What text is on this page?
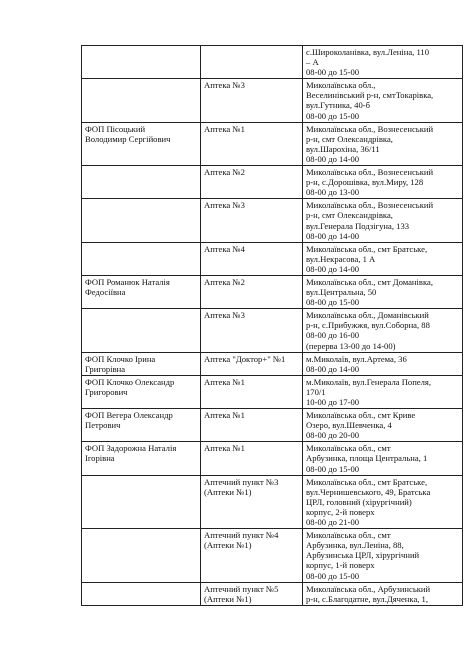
		с.Широколанівка, вул.Леніна, 110
– А
08-00 до 15-00

	Аптека №3	Миколаївська обл.,
Веселинівський р-н, смтТокарівка,
вул.Гутника, 40-б
08-00 до 15-00

ФОП Пісоцький
Володимир Сергійович	Аптека №1	Миколаївська обл., Вознесенський
р-н, смт Олександрівка,
вул.Шарохіна, 36/11
08-00 до 14-00

	Аптека №2	Миколаївська обл., Вознесенський
р-н, с.Дорошівка, вул.Миру, 128
08-00 до 13-00

	Аптека №3	Миколаївська обл., Вознесенський
р-н, смт Олександрівка,
вул.Генерала Подзігуна, 133
08-00 до 14-00

	Аптека №4	Миколаївська обл., смт Братське,
вул.Некрасова, 1 А
08-00 до 14-00

ФОП Романюк Наталія
Федосіївна	Аптека №2	Миколаївська обл., смт Доманівка,
вул.Центральна, 50
08-00 до 15-00

	Аптека №3	Миколаївська обл., Доманівський
р-н, с.Прибужжя, вул.Соборна, 88
08-00 до 16-00
(перерва 13-00 до 14-00)

ФОП Клочко Ірина
Григорівна	Аптека "Доктор+" №1	м.Миколаїв, вул.Артема, 36
08-00 до 14-00

ФОП Клочко Олександр
Григорович	Аптека №1	м.Миколаїв, вул.Генерала Попеля,
170/1
10-00 до 17-00

ФОП Вегера Олександр
Петрович	Аптека №1	Миколаївська обл., смт Криве
Озеро, вул.Шевченка, 4
08-00 до 20-00

ФОП Задорожна Наталія
Ігорівна	Аптека №1	Миколаївська обл., смт
Арбузинка, площа Центральна, 1
08-00 до 15-00

	Аптечний пункт №3
(Аптеки №1)	Миколаївська обл., смт Братське,
вул.Чернишевського, 49, Братська
ЦРЛ, головний (хірургічний)
корпус, 2-й поверх
08-00 до 21-00

	Аптечний пункт №4
(Аптеки №1)	Миколаївська обл., смт
Арбузинка, вул.Леніна, 88,
Арбузинська ЦРЛ, хірургічний
корпус, 1-й поверх
08-00 до 15-00

	Аптечний пункт №5
(Аптеки №1)	Миколаївська обл., Арбузинський
р-н, с.Благодатне, вул.Дяченка, 1,
